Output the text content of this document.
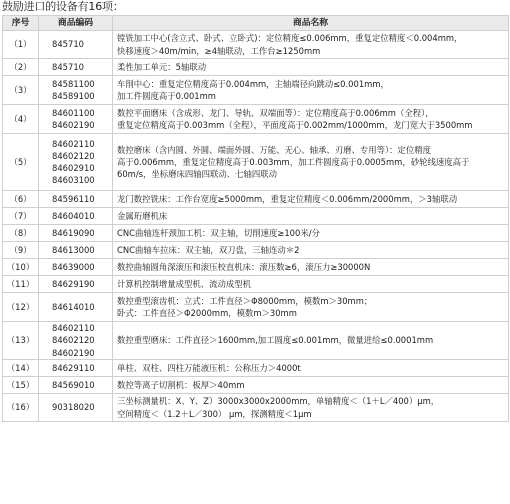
鼓励进口的设备有16项：
序号	商品编码	商品名称
（1）	845710	镗铣加工中心(含立式、卧式、立卧式)：定位精度≤0.006mm，重复定位精度＜0.004mm，
快移速度＞40m/min，≥4轴联动，工作台≥1250mm

（2）	845710	柔性加工单元：5轴联动

（3）	84581100
84589100	车削中心：重复定位精度高于0.004mm，主轴端径向跳动≤0.001mm，
加工件圆度高于0.001mm

（4）	84601100
84602190	数控平面磨床（含成形、龙门、导轨、双端面等）：定位精度高于0.006mm（全程），
重复定位精度高于0.003mm（全程），平面度高于0.002mm/1000mm，龙门宽大于3500mm

（5）	84602110
84602120
84602910
84603100	数控磨床（含内圆、外圆、端面外圆、万能、无心、轴承、刃磨、专用等）：定位精度
高于0.006mm，重复定位精度高于0.003mm，加工件圆度高于0.0005mm，砂轮线速度高于
60m/s，坐标磨床四轴四联动、七轴四联动

（6）	84596110	龙门数控铣床：工作台宽度≥5000mm，重复定位精度＜0.006mm/2000mm，＞3轴联动

（7）	84604010	金属珩磨机床

（8）	84619090	CNC曲轴连杆颈加工机：双主轴，切削速度≥100米/分

（9）	84613000	CNC曲轴车拉床：双主轴，双刀盘，三轴连动＊2

（10）	84639000	数控曲轴圆角深滚压和滚压校直机床：滚压数≥6，滚压力≥30000N

（11）	84629190	计算机控制增量成型机、流动成型机

（12）	84614010	数控重型滚齿机：立式：工件直径＞Φ8000mm，模数m＞30mm；
卧式：工件直径＞Φ2000mm，模数m＞30mm

（13）	84602110
84602120
84602190	数控重型磨床：工件直径＞1600mm,加工圆度≤0.001mm，微量进给≤0.0001mm

（14）	84629110	单柱、双柱、四柱万能液压机：公称压力＞4000t

（15）	84569010	数控等离子切割机：板厚＞40mm

（16）	90318020	三坐标测量机：X、Y、Z）3000x3000x2000mm，单轴精度＜（1＋L／400）μm，
空间精度＜（1.2＋L／300） μm，探测精度＜1μm
